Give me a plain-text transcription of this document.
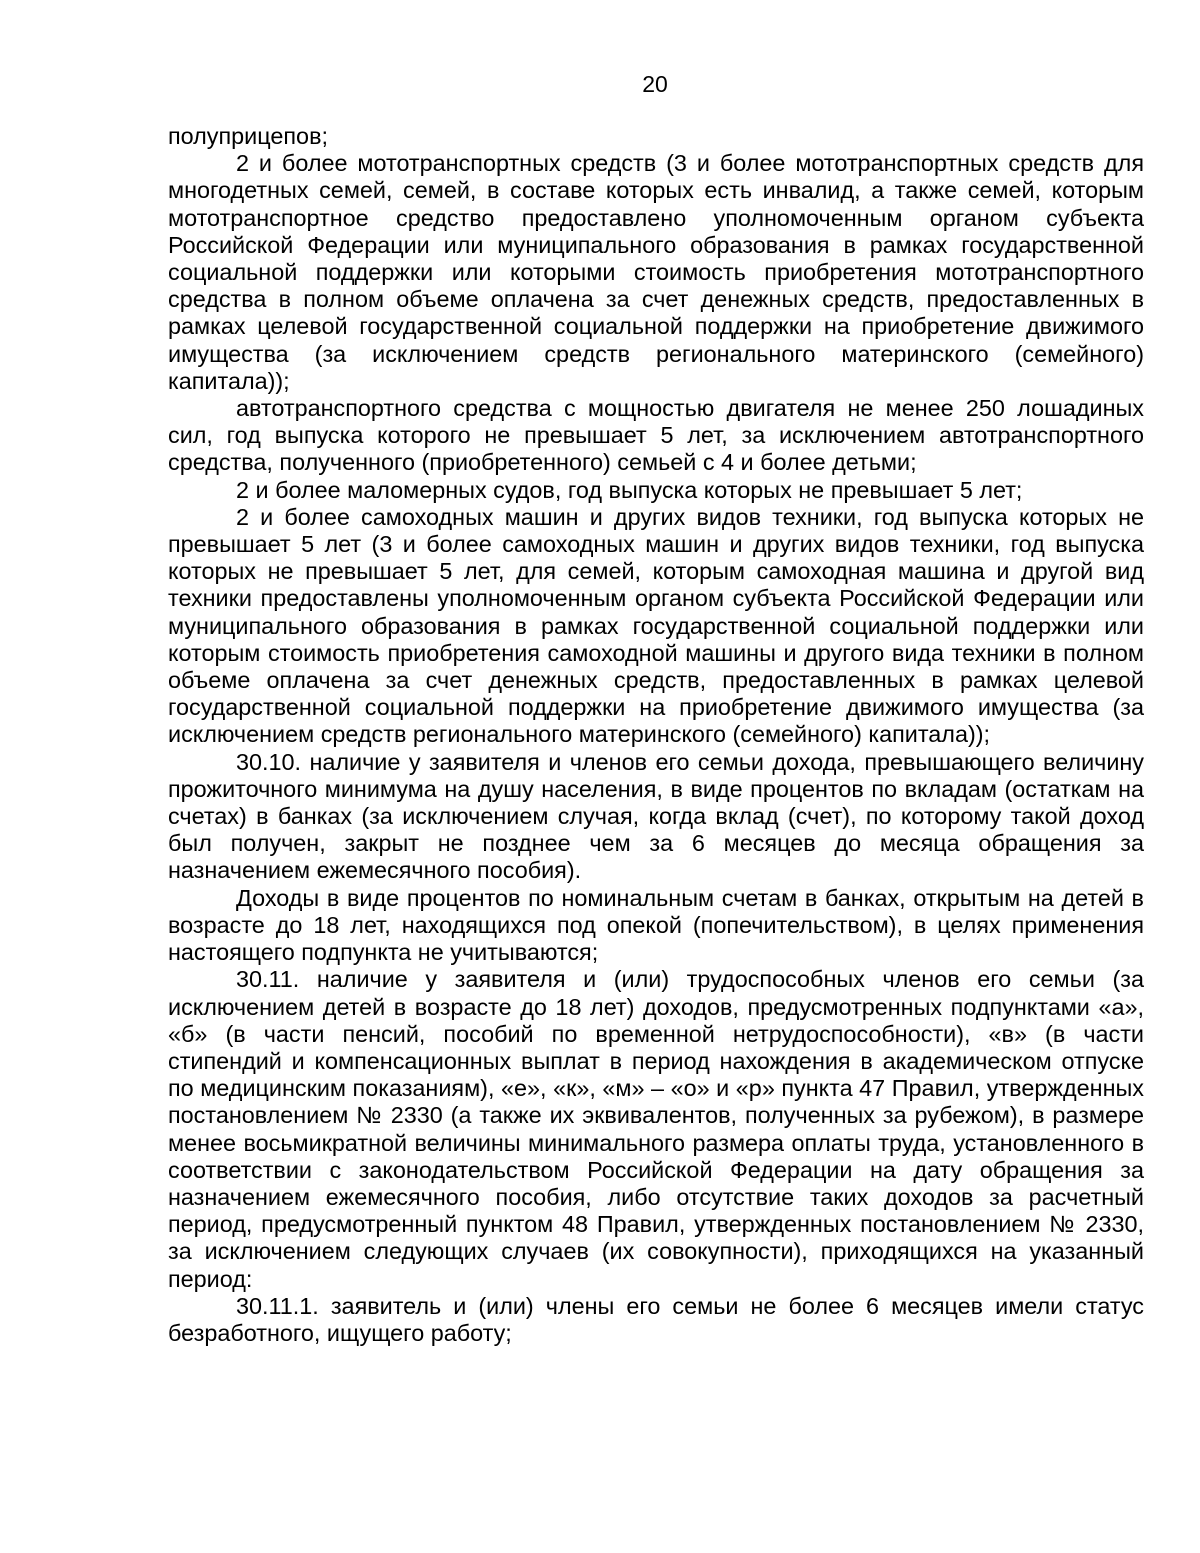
20

полуприцепов;

2 и более мототранспортных средств (3 и более мототранспортных средств для многодетных семей, семей, в составе которых есть инвалид, а также семей, которым мототранспортное средство предоставлено уполномоченным органом субъекта Российской Федерации или муниципального образования в рамках государственной социальной поддержки или которыми стоимость приобретения мототранспортного средства в полном объеме оплачена за счет денежных средств, предоставленных в рамках целевой государственной социальной поддержки на приобретение движимого имущества (за исключением средств регионального материнского (семейного) капитала));

автотранспортного средства с мощностью двигателя не менее 250 лошадиных сил, год выпуска которого не превышает 5 лет, за исключением автотранспортного средства, полученного (приобретенного) семьей с 4 и более детьми;

2 и более маломерных судов, год выпуска которых не превышает 5 лет;

2 и более самоходных машин и других видов техники, год выпуска которых не превышает 5 лет (3 и более самоходных машин и других видов техники, год выпуска которых не превышает 5 лет, для семей, которым самоходная машина и другой вид техники предоставлены уполномоченным органом субъекта Российской Федерации или муниципального образования в рамках государственной социальной поддержки или которым стоимость приобретения самоходной машины и другого вида техники в полном объеме оплачена за счет денежных средств, предоставленных в рамках целевой государственной социальной поддержки на приобретение движимого имущества (за исключением средств регионального материнского (семейного) капитала));

30.10. наличие у заявителя и членов его семьи дохода, превышающего величину прожиточного минимума на душу населения, в виде процентов по вкладам (остаткам на счетах) в банках (за исключением случая, когда вклад (счет), по которому такой доход был получен, закрыт не позднее чем за 6 месяцев до месяца обращения за назначением ежемесячного пособия).

Доходы в виде процентов по номинальным счетам в банках, открытым на детей в возрасте до 18 лет, находящихся под опекой (попечительством), в целях применения настоящего подпункта не учитываются;

30.11. наличие у заявителя и (или) трудоспособных членов его семьи (за исключением детей в возрасте до 18 лет) доходов, предусмотренных подпунктами «а», «б» (в части пенсий, пособий по временной нетрудоспособности), «в» (в части стипендий и компенсационных выплат в период нахождения в академическом отпуске по медицинским показаниям), «е», «к», «м» – «о» и «р» пункта 47 Правил, утвержденных постановлением № 2330 (а также их эквивалентов, полученных за рубежом), в размере менее восьмикратной величины минимального размера оплаты труда, установленного в соответствии с законодательством Российской Федерации на дату обращения за назначением ежемесячного пособия, либо отсутствие таких доходов за расчетный период, предусмотренный пунктом 48 Правил, утвержденных постановлением № 2330, за исключением следующих случаев (их совокупности), приходящихся на указанный период:

30.11.1. заявитель и (или) члены его семьи не более 6 месяцев имели статус безработного, ищущего работу;
